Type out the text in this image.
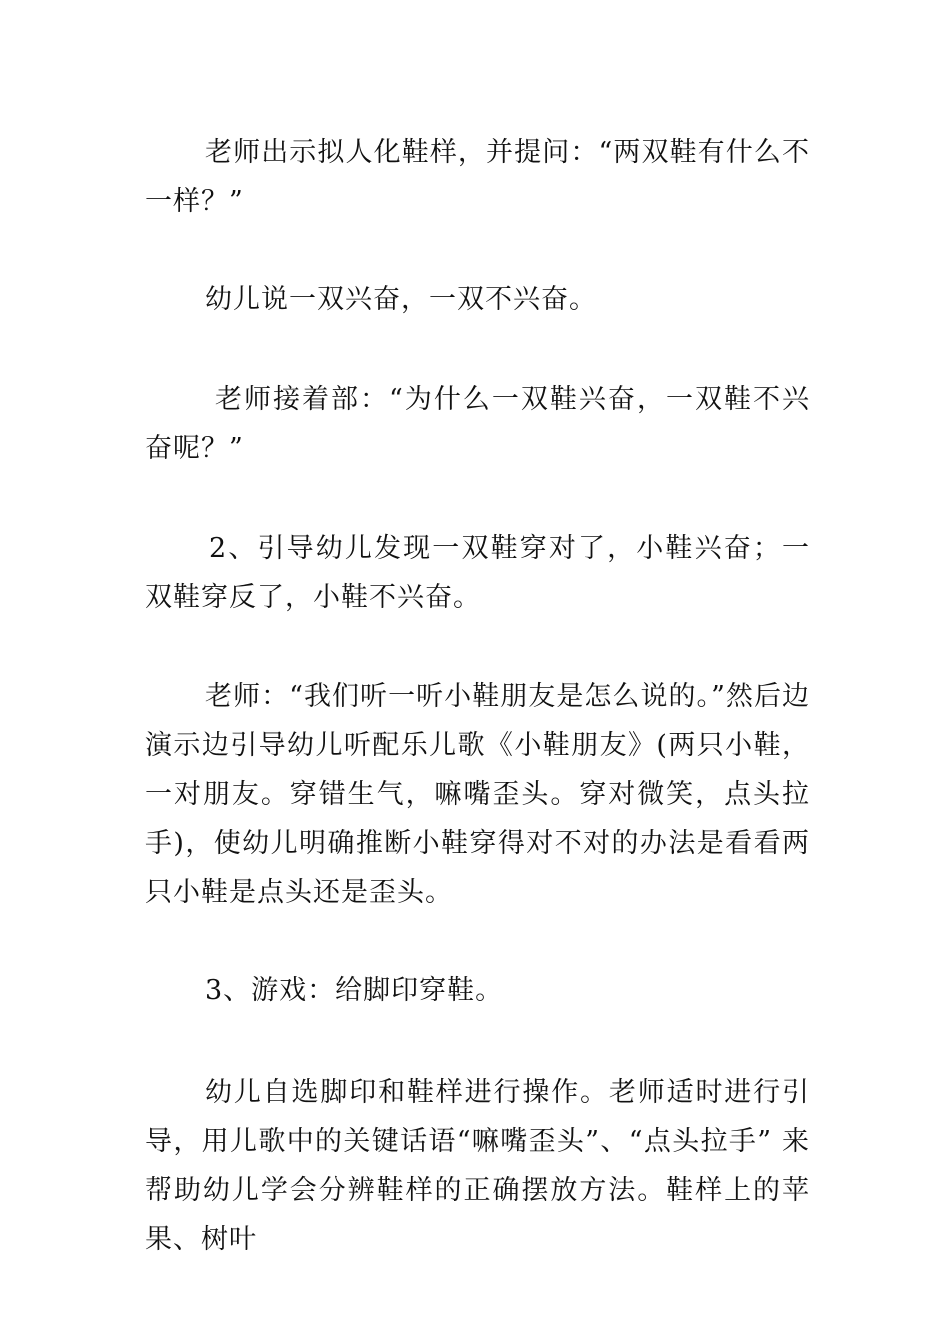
老师出示拟人化鞋样，并提问：“两双鞋有什么不一样？”

幼儿说一双兴奋，一双不兴奋。

老师接着部：“为什么一双鞋兴奋，一双鞋不兴奋呢？”

2、引导幼儿发现一双鞋穿对了，小鞋兴奋；一双鞋穿反了，小鞋不兴奋。

老师：“我们听一听小鞋朋友是怎么说的。”然后边演示边引导幼儿听配乐儿歌《小鞋朋友》(两只小鞋，一对朋友。穿错生气，嘛嘴歪头。穿对微笑，点头拉手)，使幼儿明确推断小鞋穿得对不对的办法是看看两只小鞋是点头还是歪头。

3、游戏：给脚印穿鞋。

幼儿自选脚印和鞋样进行操作。老师适时进行引导，用儿歌中的关键话语“嘛嘴歪头”、“点头拉手” 来帮助幼儿学会分辨鞋样的正确摆放方法。鞋样上的苹果、树叶
